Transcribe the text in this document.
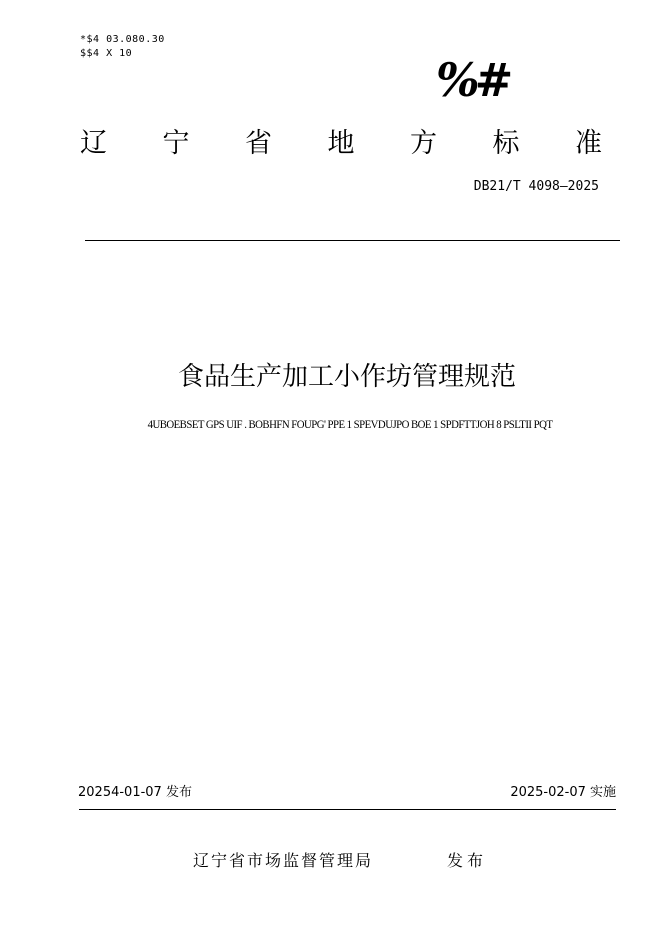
*$4 03.080.30
$$4 X 10	%#
辽 宁 省 地 方 标 准
DB21/T 4098—2025
食品生产加工小作坊管理规范
4UBOEBSET GPS UIF . BOBHFN FOUPG' PPE 1 SPEVDUJPO BOE 1 SPDFTTJOH 8 PSLTII PQT
20254-01-07 发布	2025-02-07 实施
辽宁省市场监督管理局	发布
